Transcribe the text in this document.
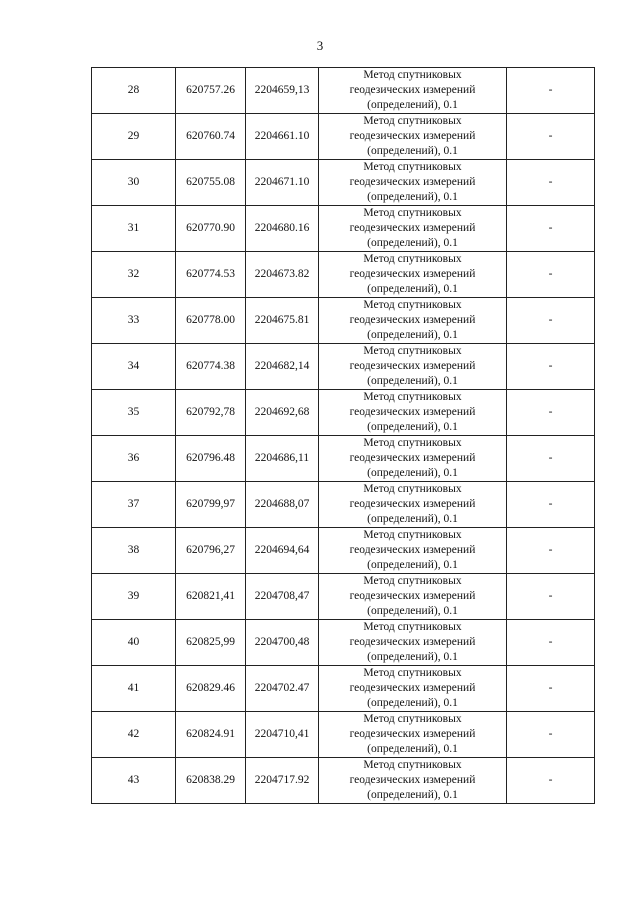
3
28	620757.26	2204659,13	Метод спутниковых
геодезических измерений
(определений), 0.1	-
29	620760.74	2204661.10	Метод спутниковых
геодезических измерений
(определений), 0.1	-
30	620755.08	2204671.10	Метод спутниковых
геодезических измерений
(определений), 0.1	-
31	620770.90	2204680.16	Метод спутниковых
геодезических измерений
(определений), 0.1	-
32	620774.53	2204673.82	Метод спутниковых
геодезических измерений
(определений), 0.1	-
33	620778.00	2204675.81	Метод спутниковых
геодезических измерений
(определений), 0.1	-
34	620774.38	2204682,14	Метод спутниковых
геодезических измерений
(определений), 0.1	-
35	620792,78	2204692,68	Метод спутниковых
геодезических измерений
(определений), 0.1	-
36	620796.48	2204686,11	Метод спутниковых
геодезических измерений
(определений), 0.1	-
37	620799,97	2204688,07	Метод спутниковых
геодезических измерений
(определений), 0.1	-
38	620796,27	2204694,64	Метод спутниковых
геодезических измерений
(определений), 0.1	-
39	620821,41	2204708,47	Метод спутниковых
геодезических измерений
(определений), 0.1	-
40	620825,99	2204700,48	Метод спутниковых
геодезических измерений
(определений), 0.1	-
41	620829.46	2204702.47	Метод спутниковых
геодезических измерений
(определений), 0.1	-
42	620824.91	2204710,41	Метод спутниковых
геодезических измерений
(определений), 0.1	-
43	620838.29	2204717.92	Метод спутниковых
геодезических измерений
(определений), 0.1	-
